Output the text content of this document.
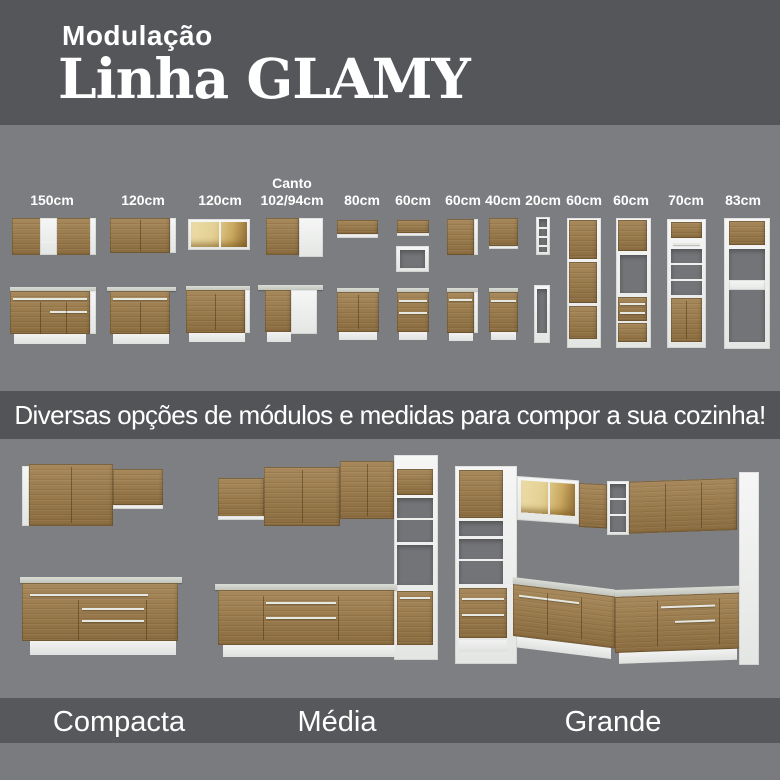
Modulação
Linha GLAMY
150cm	120cm	120cm
Canto
102/94cm	80cm	60cm	60cm 40cm 20cm 60cm 60cm	70cm	83cm
Diversas opções de módulos e medidas para compor a sua cozinha!
Compacta	Média	Grande
